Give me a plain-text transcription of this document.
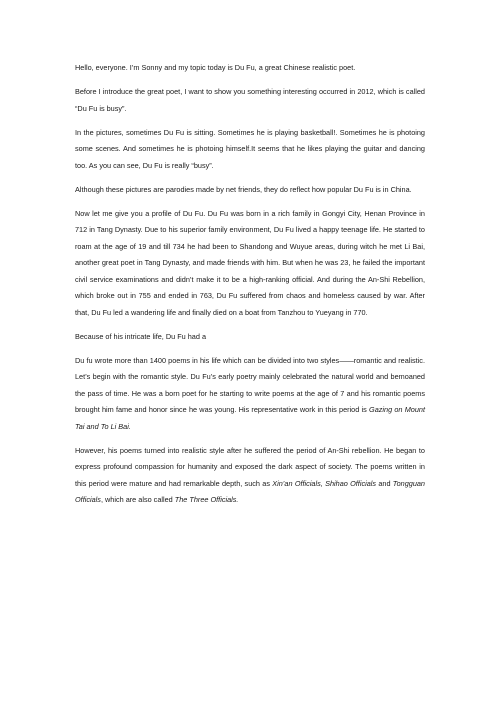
Hello, everyone. I’m Sonny and my topic today is Du Fu, a great Chinese realistic poet.

Before I introduce the great poet, I want to show you something interesting occurred in 2012, which is called “Du Fu is busy”.

In the pictures, sometimes Du Fu is sitting. Sometimes he is playing basketball!. Sometimes he is photoing some scenes. And sometimes he is photoing himself.It seems that he likes playing the guitar and dancing too. As you can see, Du Fu is really “busy”.

Although these pictures are parodies made by net friends, they do reflect how popular Du Fu is in China.

Now let me give you a profile of Du Fu. Du Fu was born in a rich family in Gongyi City, Henan Province in 712 in Tang Dynasty. Due to his superior family environment, Du Fu lived a happy teenage life. He started to roam at the age of 19 and till 734 he had been to Shandong and Wuyue areas, during witch he met Li Bai, another great poet in Tang Dynasty, and made friends with him. But when he was 23, he failed the important civil service examinations and didn’t make it to be a high-ranking official. And during the An-Shi Rebellion, which broke out in 755 and ended in 763, Du Fu suffered from chaos and homeless caused by war. After that, Du Fu led a wandering life and finally died on a boat from Tanzhou to Yueyang in 770.

Because of his intricate life, Du Fu had a

Du fu wrote more than 1400 poems in his life which can be divided into two styles——romantic and realistic. Let’s begin with the romantic style. Du Fu’s early poetry mainly celebrated the natural world and bemoaned the pass of time. He was a born poet for he starting to write poems at the age of 7 and his romantic poems brought him fame and honor since he was young. His representative work in this period is Gazing on Mount Tai and To Li Bai.

However, his poems turned into realistic style after he suffered the period of An-Shi rebellion. He began to express profound compassion for humanity and exposed the dark aspect of society. The poems written in this period were mature and had remarkable depth, such as Xin’an Officials, Shihao Officials and Tongguan Officials, which are also called The Three Officials.
